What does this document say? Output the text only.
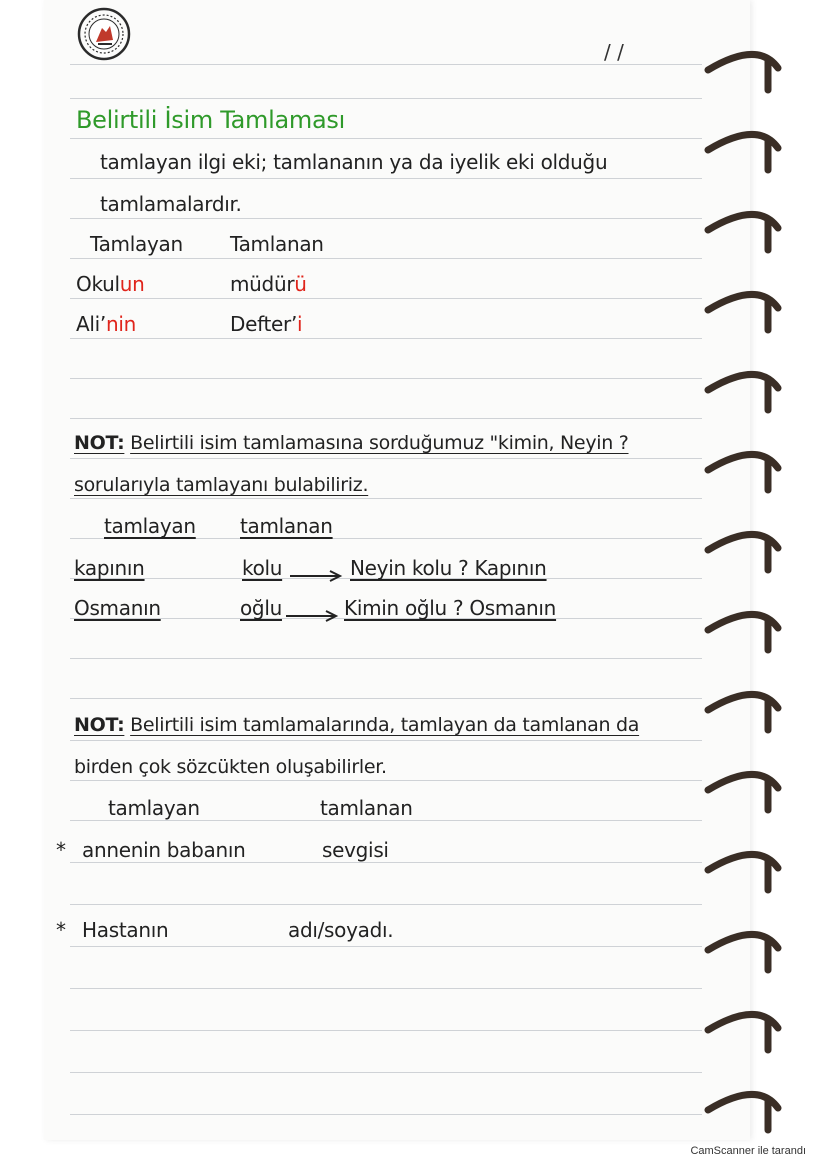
/ /
Belirtili İsim Tamlaması
tamlayan ilgi eki; tamlananın ya da iyelik eki olduğu
tamlamalardır.
Tamlayan Tamlanan
Okulun	müdürü
Ali’nin	Defter’i
NOT: Belirtili isim tamlamasına sorduğumuz "kimin, Neyin ?
sorularıyla tamlayanı bulabiliriz.
tamlayan tamlanan
kapının	kolu	Neyin kolu ? Kapının
Osmanın	oğlu	Kimin oğlu ? Osmanın
NOT: Belirtili isim tamlamalarında, tamlayan da tamlanan da
birden çok sözcükten oluşabilirler.
tamlayan	tamlanan
* annenin babanın	sevgisi
* Hastanın	adı/soyadı.
CamScanner ile tarandı
